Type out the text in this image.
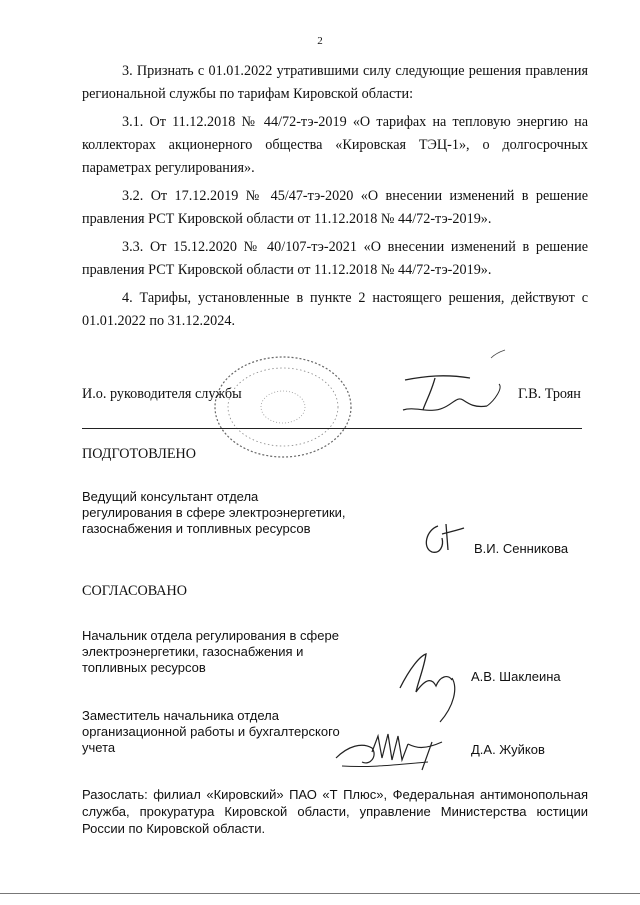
2

3. Признать с 01.01.2022 утратившими силу следующие решения правления региональной службы по тарифам Кировской области:

3.1. От 11.12.2018 № 44/72-тэ-2019 «О тарифах на тепловую энергию на коллекторах акционерного общества «Кировская ТЭЦ-1», о долгосрочных параметрах регулирования».

3.2. От 17.12.2019 № 45/47-тэ-2020 «О внесении изменений в решение правления РСТ Кировской области от 11.12.2018 № 44/72-тэ-2019».

3.3. От 15.12.2020 № 40/107-тэ-2021 «О внесении изменений в решение правления РСТ Кировской области от 11.12.2018 № 44/72-тэ-2019».

4. Тарифы, установленные в пункте 2 настоящего решения, действуют с 01.01.2022 по 31.12.2024.

И.о. руководителя службы	Г.В. Троян
ПОДГОТОВЛЕНО
Ведущий консультант отдела регулирования в сфере электроэнергетики, газоснабжения и топливных ресурсов
В.И. Сенникова
СОГЛАСОВАНО
Начальник отдела регулирования в сфере электроэнергетики, газоснабжения и топливных ресурсов
А.В. Шаклеина
Заместитель начальника отдела организационной работы и бухгалтерского учета	Д.А. Жуйков
Разослать: филиал «Кировский» ПАО «Т Плюс», Федеральная антимонопольная служба, прокуратура Кировской области, управление Министерства юстиции России по Кировской области.
